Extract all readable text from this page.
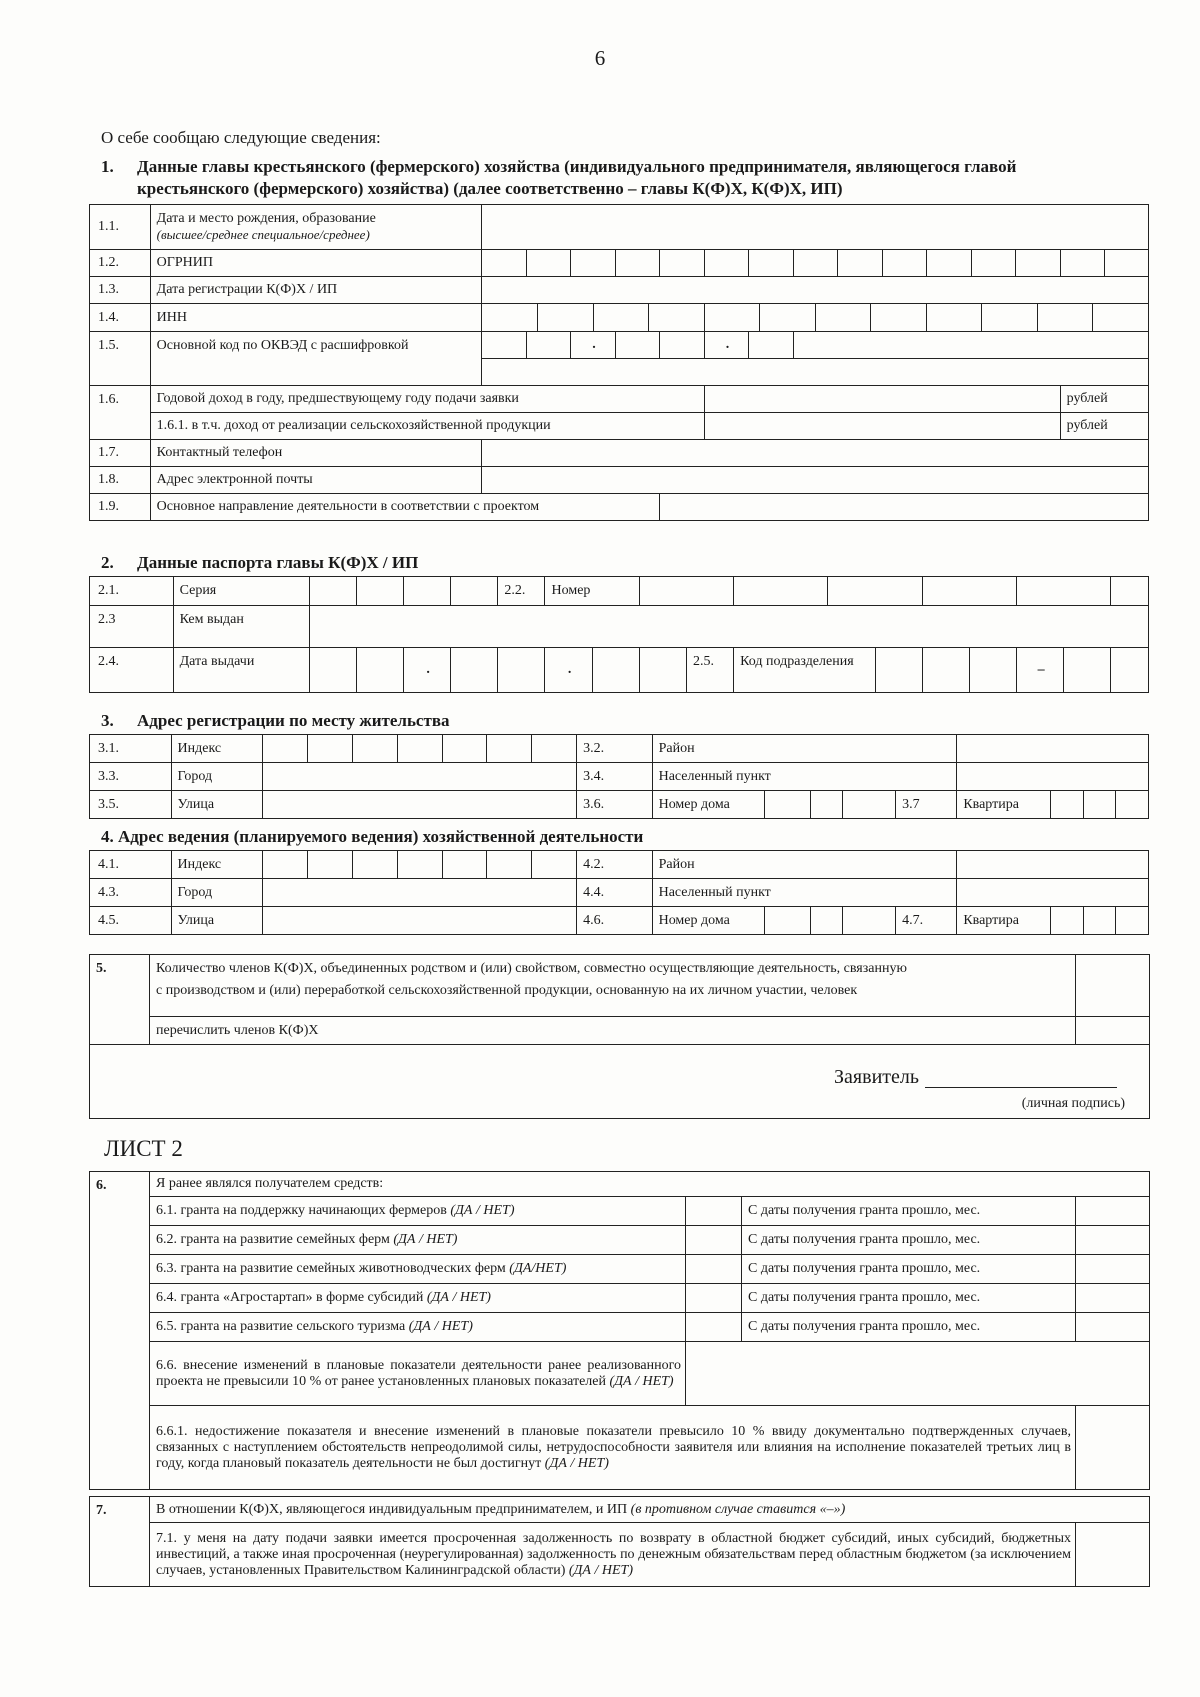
6
О себе сообщаю следующие сведения:
1. Данные главы крестьянского (фермерского) хозяйства (индивидуального предпринимателя, являющегося главой
крестьянского (фермерского) хозяйства) (далее соответственно – главы К(Ф)Х, К(Ф)Х, ИП)
1.1.	Дата и место рождения, образование
(высшее/среднее специальное/среднее)

1.2.	ОГРНИП															
1.3.	Дата регистрации К(Ф)Х / ИП	
1.4.	ИНН	

1.5.	Основной код по ОКВЭД с расшифровкой			.			.		

1.6.	Годовой доход в году, предшествующему году подачи заявки		рублей
1.6.1. в т.ч. доход от реализации сельскохозяйственной продукции		рублей
1.7.	Контактный телефон	
1.8.	Адрес электронной почты	
1.9.	Основное направление деятельности в соответствии с проектом	
2. Данные паспорта главы К(Ф)Х / ИП
2.1.	Серия					2.2.	Номер											
2.3	Кем выдан																	
2.4.	Дата выдачи			.			.			2.5.	Код подразделения					–		
3. Адрес регистрации по месту жительства
3.1.	Индекс								3.2.	Район								
3.3.	Город								3.4.	Населенный пункт								
3.5.	Улица								3.6.	Номер дома				3.7	Квартира			
4. Адрес ведения (планируемого ведения) хозяйственной деятельности
4.1.	Индекс								4.2.	Район								
4.3.	Город								4.4.	Населенный пункт								
4.5.	Улица								4.6.	Номер дома				4.7.	Квартира			
5.	Количество членов К(Ф)Х, объединенных родством и (или) свойством, совместно осуществляющие деятельность, связанную
с производством и (или) переработкой сельскохозяйственной продукции, основанную на их личном участии, человек	

	перечислить членов К(Ф)Х	

Заявитель
(личная подпись)		
ЛИСТ 2
6.	Я ранее являлся получателем средств:			
	6.1. гранта на поддержку начинающих фермеров (ДА / НЕТ)		С даты получения гранта прошло, мес.	
	6.2. гранта на развитие семейных ферм (ДА / НЕТ)		С даты получения гранта прошло, мес.	
	6.3. гранта на развитие семейных животноводческих ферм (ДА/НЕТ)		С даты получения гранта прошло, мес.	
	6.4. гранта «Агростартап» в форме субсидий (ДА / НЕТ)		С даты получения гранта прошло, мес.	
	6.5. гранта на развитие сельского туризма (ДА / НЕТ)		С даты получения гранта прошло, мес.	
	6.6. внесение изменений в плановые показатели деятельности ранее реализованного проекта не превысили 10 % от ранее установленных плановых показателей (ДА / НЕТ)			
	6.6.1. недостижение показателя и внесение изменений в плановые показатели превысило 10 % ввиду документально подтвержденных случаев, связанных с наступлением обстоятельств непреодолимой силы, нетрудоспособности заявителя или влияния на исполнение показателей третьих лиц в году, когда плановый показатель деятельности не был достигнут (ДА / НЕТ)			
7.	В отношении К(Ф)Х, являющегося индивидуальным предпринимателем, и ИП (в противном случае ставится «–»)	
	7.1. у меня на дату подачи заявки имеется просроченная задолженность по возврату в областной бюджет субсидий, иных субсидий, бюджетных инвестиций, а также иная просроченная (неурегулированная) задолженность по денежным обязательствам перед областным бюджетом (за исключением случаев, установленных Правительством Калининградской области) (ДА / НЕТ)	
